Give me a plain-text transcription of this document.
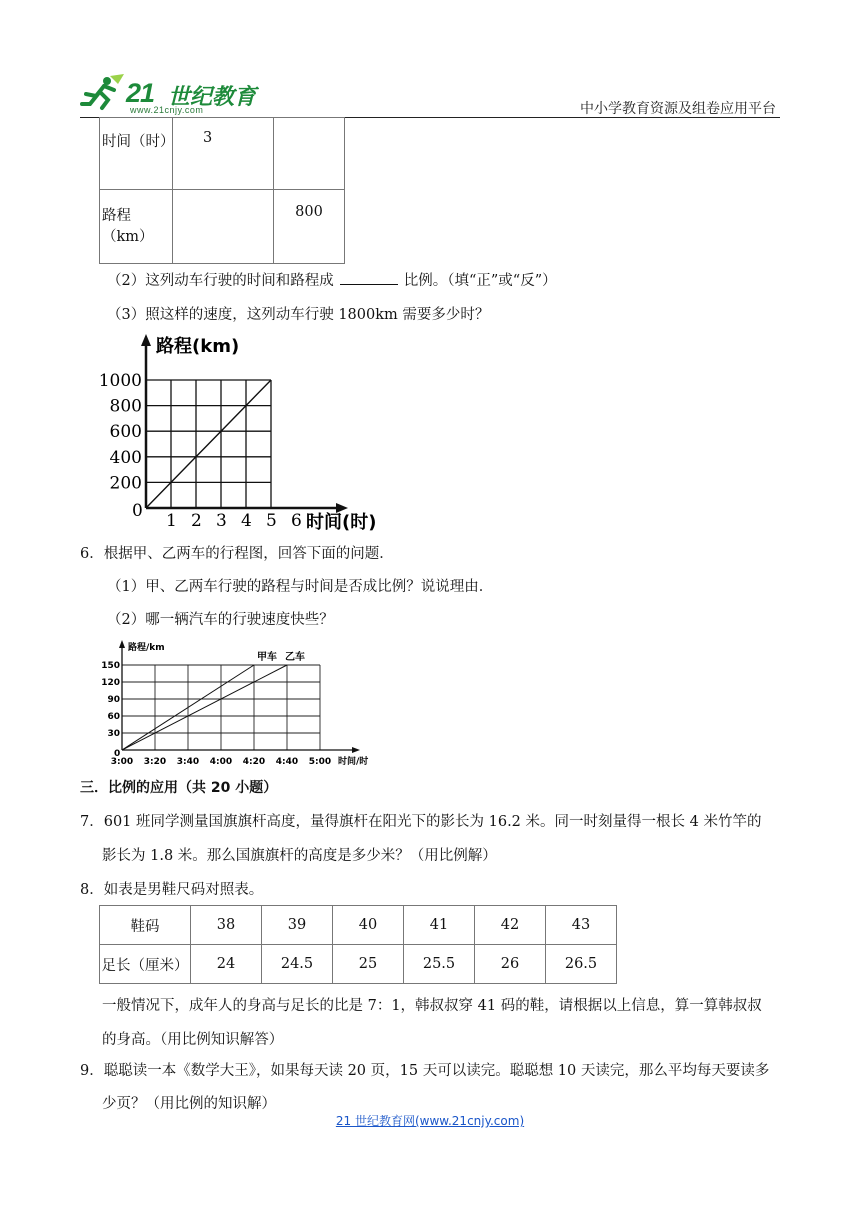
21 世纪教育
www.21cnjy.com	中小学教育资源及组卷应用平台
时间（时）	3	
路程（km）		800
（2）这列动车行驶的时间和路程成	比例。（填“正”或“反”）
（3）照这样的速度，这列动车行驶 1800km 需要多少时？
1 2 3 4 5 6
200
400
600
800
1000
路程(km)
时间(时)
0
6．根据甲、乙两车的行程图，回答下面的问题．
（1）甲、乙两车行驶的路程与时间是否成比例？说说理由．
（2）哪一辆汽车的行驶速度快些？
3:00 3:20 3:40 4:00 4:20 4:40 5:00
30
60
90
120
150
路程/km
时间/时
0
甲车 乙车
三．比例的应用（共 20 小题）
7．601 班同学测量国旗旗杆高度，量得旗杆在阳光下的影长为 16.2 米。同一时刻量得一根长 4 米竹竿的
影长为 1.8 米。那么国旗旗杆的高度是多少米？（用比例解）
8．如表是男鞋尺码对照表。
鞋码	38	39	40	41	42	43
足长（厘米）	24	24.5	25	25.5	26	26.5
一般情况下，成年人的身高与足长的比是 7：1，韩叔叔穿 41 码的鞋，请根据以上信息，算一算韩叔叔
的身高。（用比例知识解答）
9．聪聪读一本《数学大王》，如果每天读 20 页，15 天可以读完。聪聪想 10 天读完，那么平均每天要读多
少页？（用比例的知识解）
21 世纪教育网(www.21cnjy.com)
